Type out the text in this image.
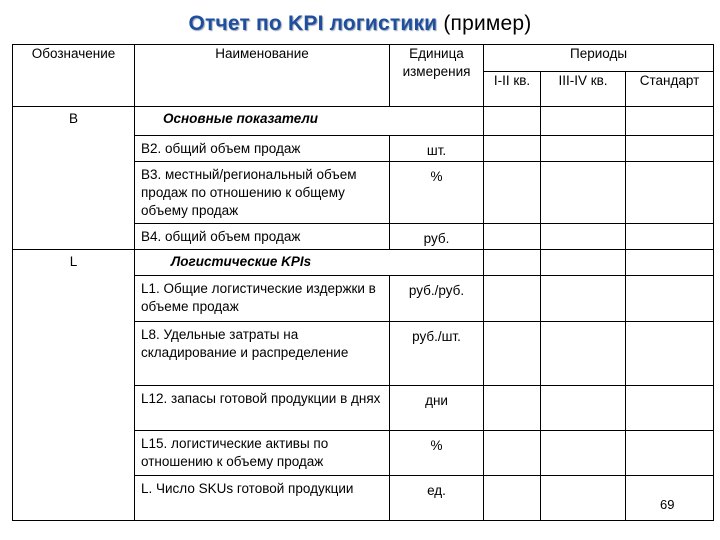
Отчет по KPI логистики (пример)
Обозначение	Наименование	Единица измерения	Периоды		
			I-II кв.	III-IV кв.	Стандарт
B	Основные показатели				
	B2. общий объем продаж	шт.			
	B3. местный/региональный объем продаж по отношению к общему объему продаж	%			
	B4. общий объем продаж	руб.			
L	Логистические KPIs				
	L1. Общие логистические издержки в объеме продаж	руб./руб.			
	L8. Удельные затраты на складирование и распределение	руб./шт.			
	L12. запасы готовой продукции в днях	дни			
	L15. логистические активы по отношению к объему продаж	%			
	L. Число SKUs готовой продукции	ед.			
69
